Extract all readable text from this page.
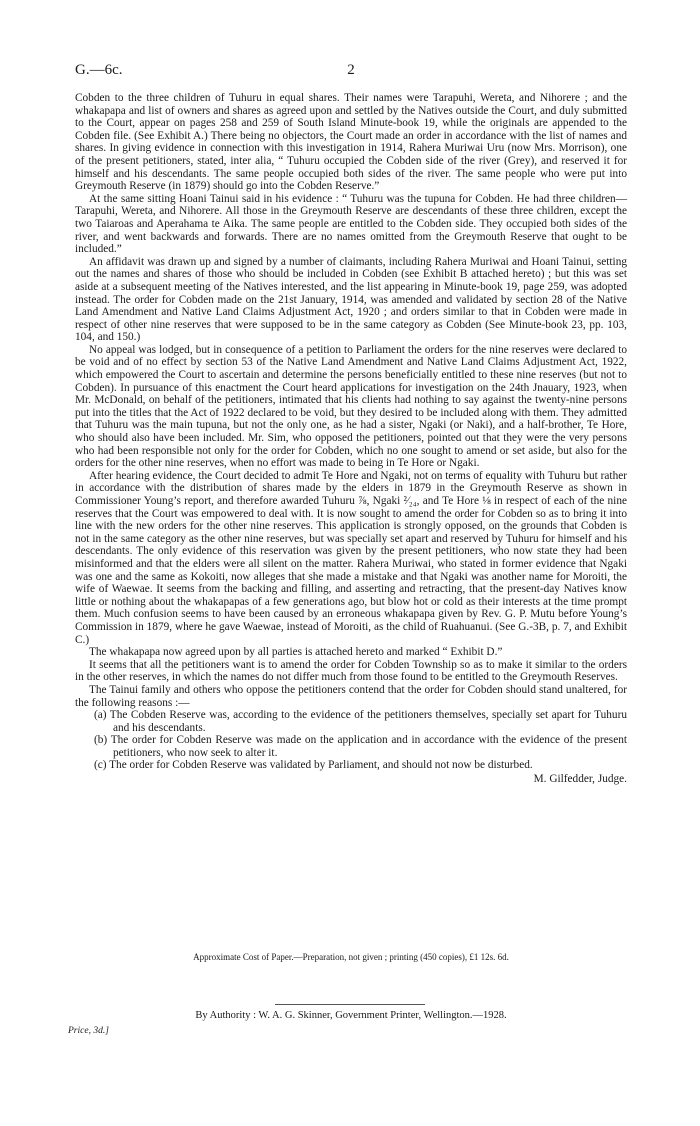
G.—6c.	2

Cobden to the three children of Tuhuru in equal shares. Their names were Tarapuhi, Wereta, and Nihorere ; and the whakapapa and list of owners and shares as agreed upon and settled by the Natives outside the Court, and duly submitted to the Court, appear on pages 258 and 259 of South Island Minute-book 19, while the originals are appended to the Cobden file. (See Exhibit A.) There being no objectors, the Court made an order in accordance with the list of names and shares. In giving evidence in connection with this investigation in 1914, Rahera Muriwai Uru (now Mrs. Morrison), one of the present petitioners, stated, inter alia, “ Tuhuru occupied the Cobden side of the river (Grey), and reserved it for himself and his descendants. The same people occupied both sides of the river. The same people who were put into Greymouth Reserve (in 1879) should go into the Cobden Reserve.”

At the same sitting Hoani Tainui said in his evidence : “ Tuhuru was the tupuna for Cobden. He had three children—Tarapuhi, Wereta, and Nihorere. All those in the Greymouth Reserve are descendants of these three children, except the two Taiaroas and Aperahama te Aika. The same people are entitled to the Cobden side. They occupied both sides of the river, and went backwards and forwards. There are no names omitted from the Greymouth Reserve that ought to be included.”

An affidavit was drawn up and signed by a number of claimants, including Rahera Muriwai and Hoani Tainui, setting out the names and shares of those who should be included in Cobden (see Exhibit B attached hereto) ; but this was set aside at a subsequent meeting of the Natives interested, and the list appearing in Minute-book 19, page 259, was adopted instead. The order for Cobden made on the 21st January, 1914, was amended and validated by section 28 of the Native Land Amendment and Native Land Claims Adjustment Act, 1920 ; and orders similar to that in Cobden were made in respect of other nine reserves that were supposed to be in the same category as Cobden (See Minute-book 23, pp. 103, 104, and 150.)

No appeal was lodged, but in consequence of a petition to Parliament the orders for the nine reserves were declared to be void and of no effect by section 53 of the Native Land Amendment and Native Land Claims Adjustment Act, 1922, which empowered the Court to ascertain and determine the persons beneficially entitled to these nine reserves (but not to Cobden). In pursuance of this enactment the Court heard applications for investigation on the 24th Jnauary, 1923, when Mr. McDonald, on behalf of the petitioners, intimated that his clients had nothing to say against the twenty-nine persons put into the titles that the Act of 1922 declared to be void, but they desired to be included along with them. They admitted that Tuhuru was the main tupuna, but not the only one, as he had a sister, Ngaki (or Naki), and a half-brother, Te Hore, who should also have been included. Mr. Sim, who opposed the petitioners, pointed out that they were the very persons who had been responsible not only for the order for Cobden, which no one sought to amend or set aside, but also for the orders for the other nine reserves, when no effort was made to being in Te Hore or Ngaki.

After hearing evidence, the Court decided to admit Te Hore and Ngaki, not on terms of equality with Tuhuru but rather in accordance with the distribution of shares made by the elders in 1879 in the Greymouth Reserve as shown in Commissioner Young’s report, and therefore awarded Tuhuru ⅞, Ngaki ²⁄₂₄, and Te Hore ⅛ in respect of each of the nine reserves that the Court was empowered to deal with. It is now sought to amend the order for Cobden so as to bring it into line with the new orders for the other nine reserves. This application is strongly opposed, on the grounds that Cobden is not in the same category as the other nine reserves, but was specially set apart and reserved by Tuhuru for himself and his descendants. The only evidence of this reservation was given by the present petitioners, who now state they had been misinformed and that the elders were all silent on the matter. Rahera Muriwai, who stated in former evidence that Ngaki was one and the same as Kokoiti, now alleges that she made a mistake and that Ngaki was another name for Moroiti, the wife of Waewae. It seems from the backing and filling, and asserting and retracting, that the present-day Natives know little or nothing about the whakapapas of a few generations ago, but blow hot or cold as their interests at the time prompt them. Much confusion seems to have been caused by an erroneous whakapapa given by Rev. G. P. Mutu before Young’s Commission in 1879, where he gave Waewae, instead of Moroiti, as the child of Ruahuanui. (See G.-3B, p. 7, and Exhibit C.)

The whakapapa now agreed upon by all parties is attached hereto and marked “ Exhibit D.”

It seems that all the petitioners want is to amend the order for Cobden Township so as to make it similar to the orders in the other reserves, in which the names do not differ much from those found to be entitled to the Greymouth Reserves.

The Tainui family and others who oppose the petitioners contend that the order for Cobden should stand unaltered, for the following reasons :—

(a) The Cobden Reserve was, according to the evidence of the petitioners themselves, specially set apart for Tuhuru and his descendants.
(b) The order for Cobden Reserve was made on the application and in accordance with the evidence of the present petitioners, who now seek to alter it.
(c) The order for Cobden Reserve was validated by Parliament, and should not now be disturbed.
M. Gilfedder, Judge.
Approximate Cost of Paper.—Preparation, not given ; printing (450 copies), £1 12s. 6d.
By Authority : W. A. G. Skinner, Government Printer, Wellington.—1928.
Price, 3d.]
